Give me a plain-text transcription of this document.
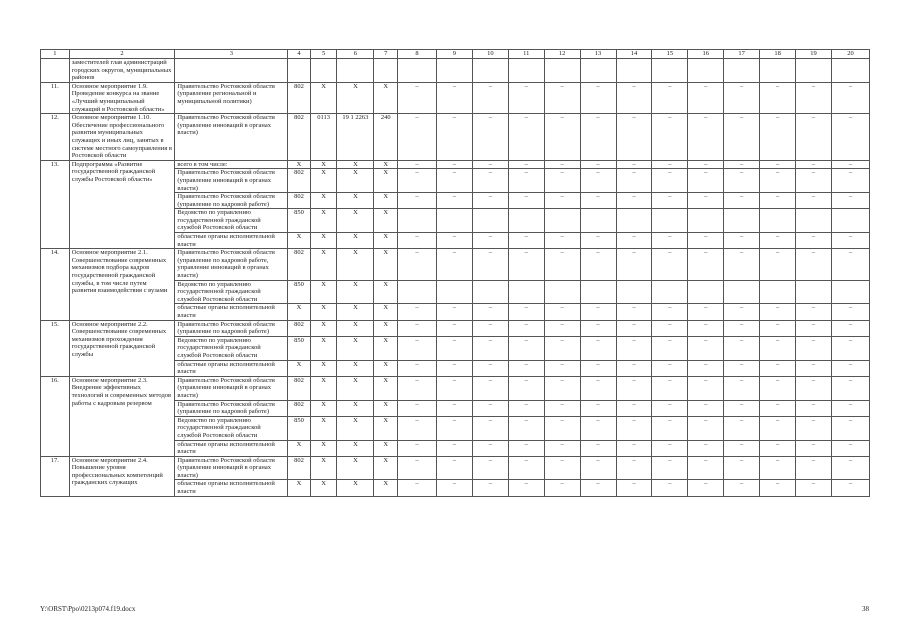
1	2	3	4	5	6	7	8	9	10	11	12	13	14	15	16	17	18	19	20
	заместителей глав администраций городских округов, муниципальных районов																		
11.	Основное мероприятие 1.9. Проведение конкурса на звание «Лучший муниципальный служащий в Ростовской области»	Правительство Ростовской области (управление региональной и муниципальной политики)	802	X	X	X	–	–	–	–	–	–	–	–	–	–	–	–	–
12.	Основное мероприятие 1.10. Обеспечение профессионального развития муниципальных служащих и иных лиц, занятых в системе местного самоуправления в Ростовской области	Правительство Ростовской области (управление инноваций в органах власти)	802	0113	19 1 2263	240	–	–	–	–	–	–	–	–	–	–	–	–	–
13.	Подпрограмма «Развитие государственной гражданской службы Ростовской области»	всего в том числе:	X	X	X	X	–	–	–	–	–	–	–	–	–	–	–	–	–
		Правительство Ростовской области (управление инноваций в органах власти)	802	X	X	X	–	–	–	–	–	–	–	–	–	–	–	–	–
		Правительство Ростовской области (управление по кадровой работе)	802	X	X	X	–	–	–	–	–	–	–	–	–	–	–	–	–
		Ведомство по управлению государственной гражданской службой Ростовской области	850	X	X	X													
		областные органы исполнительной власти	X	X	X	X	–	–	–	–	–	–	–	–	–	–	–	–	–
14.	Основное мероприятие 2.1. Совершенствование современных механизмов подбора кадров государственной гражданской службы, в том числе путем развития взаимодействия с вузами	Правительство Ростовской области (управление по кадровой работе, управление инноваций в органах власти)	802	X	X	X	–	–	–	–	–	–	–	–	–	–	–	–	–
		Ведомство по управлению государственной гражданской службой Ростовской области	850	X	X	X													
		областные органы исполнительной власти	X	X	X	X	–	–	–	–	–	–	–	–	–	–	–	–	–
15.	Основное мероприятие 2.2. Совершенствование современных механизмов прохождения государственной гражданской службы	Правительство Ростовской области (управление по кадровой работе)	802	X	X	X	–	–	–	–	–	–	–	–	–	–	–	–	–
		Ведомство по управлению государственной гражданской службой Ростовской области	850	X	X	X	–	–	–	–	–	–	–	–	–	–	–	–	–
		областные органы исполнительной власти	X	X	X	X	–	–	–	–	–	–	–	–	–	–	–	–	–
16.	Основное мероприятие 2.3. Внедрение эффективных технологий и современных методов работы с кадровым резервом	Правительство Ростовской области (управление инноваций в органах власти)	802	X	X	X	–	–	–	–	–	–	–	–	–	–	–	–	–
		Правительство Ростовской области (управление по кадровой работе)	802	X	X	X	–	–	–	–	–	–	–	–	–	–	–	–	–
		Ведомство по управлению государственной гражданской службой Ростовской области	850	X	X	X	–	–	–	–	–	–	–	–	–	–	–	–	–
		областные органы исполнительной власти	X	X	X	X	–	–	–	–	–	–	–	–	–	–	–	–	–
17.	Основное мероприятие 2.4. Повышение уровня профессиональных компетенций гражданских служащих	Правительство Ростовской области (управление инноваций в органах власти)	802	X	X	X	–	–	–	–	–	–	–	–	–	–	–	–	–
		областные органы исполнительной власти	X	X	X	X	–	–	–	–	–	–	–	–	–	–	–	–	–
Y:\ORST\Ppo\0213p074.f19.docx	38
